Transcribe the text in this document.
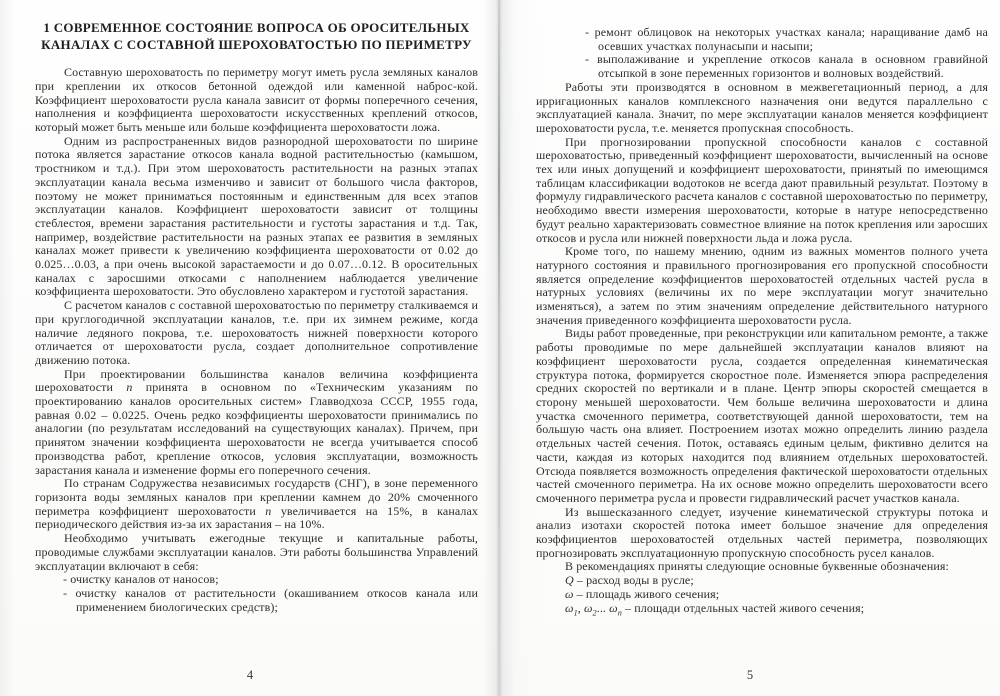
1 СОВРЕМЕННОЕ СОСТОЯНИЕ ВОПРОСА ОБ ОРОСИТЕЛЬНЫХ КАНАЛАХ С СОСТАВНОЙ ШЕРОХОВАТОСТЬЮ ПО ПЕРИМЕТРУ

Составную шероховатость по периметру могут иметь русла земляных каналов при креплении их откосов бетонной одеждой или каменной наброс-кой. Коэффициент шероховатости русла канала зависит от формы поперечного сечения, наполнения и коэффициента шероховатости искусственных креплений откосов, который может быть меньше или больше коэффициента шероховатости ложа.

Одним из распространенных видов разнородной шероховатости по ширине потока является зарастание откосов канала водной растительностью (камышом, тростником и т.д.). При этом шероховатость растительности на разных этапах эксплуатации канала весьма изменчиво и зависит от большого числа факторов, поэтому не может приниматься постоянным и единственным для всех этапов эксплуатации каналов. Коэффициент шероховатости зависит от толщины стеблестоя, времени зарастания растительности и густоты зарастания и т.д. Так, например, воздействие растительности на разных этапах ее развития в земляных каналах может привести к увеличению коэффициента шероховатости от 0.02 до 0.025…0.03, а при очень высокой зарастаемости и до 0.07…0.12. В оросительных каналах с заросшими откосами с наполнением наблюдается увеличение коэффициента шероховатости. Это обусловлено характером и густотой зарастания.

С расчетом каналов с составной шероховатостью по периметру сталкиваемся и при круглогодичной эксплуатации каналов, т.е. при их зимнем режиме, когда наличие ледяного покрова, т.е. шероховатость нижней поверхности которого отличается от шероховатости русла, создает дополнительное сопротивление движению потока.

При проектировании большинства каналов величина коэффициента шероховатости n принята в основном по «Техническим указаниям по проектированию каналов оросительных систем» Главводхоза СССР, 1955 года, равная 0.02 – 0.0225. Очень редко коэффициенты шероховатости принимались по аналогии (по результатам исследований на существующих каналах). Причем, при принятом значении коэффициента шероховатости не всегда учитывается способ производства работ, крепление откосов, условия эксплуатации, возможность зарастания канала и изменение формы его поперечного сечения.

По странам Содружества независимых государств (СНГ), в зоне переменного горизонта воды земляных каналов при креплении камнем до 20% смоченного периметра коэффициент шероховатости n увеличивается на 15%, в каналах периодического действия из-за их зарастания – на 10%.

Необходимо учитывать ежегодные текущие и капитальные работы, проводимые службами эксплуатации каналов. Эти работы большинства Управлений эксплуатации включают в себя:

- очистку каналов от наносов;
- очистку каналов от растительности (окашиванием откосов канала или применением биологических средств);
4
- ремонт облицовок на некоторых участках канала; наращивание дамб на осевших участках полунасыпи и насыпи;
- выполаживание и укрепление откосов канала в основном гравийной отсыпкой в зоне переменных горизонтов и волновых воздействий.

Работы эти производятся в основном в межвегетационный период, а для ирригационных каналов комплексного назначения они ведутся параллельно с эксплуатацией канала. Значит, по мере эксплуатации каналов меняется коэффициент шероховатости русла, т.е. меняется пропускная способность.

При прогнозировании пропускной способности каналов с составной шероховатостью, приведенный коэффициент шероховатости, вычисленный на основе тех или иных допущений и коэффициент шероховатости, принятый по имеющимся таблицам классификации водотоков не всегда дают правильный результат. Поэтому в формулу гидравлического расчета каналов с составной шероховатостью по периметру, необходимо ввести измерения шероховатости, которые в натуре непосредственно будут реально характеризовать совместное влияние на поток крепления или заросших откосов и русла или нижней поверхности льда и ложа русла.

Кроме того, по нашему мнению, одним из важных моментов полного учета натурного состояния и правильного прогнозирования его пропускной способности является определение коэффициентов шероховатостей отдельных частей русла в натурных условиях (величины их по мере эксплуатации могут значительно изменяться), а затем по этим значениям определение действительного натурного значения приведенного коэффициента шероховатости русла.

Виды работ проведенные, при реконструкции или капитальном ремонте, а также работы проводимые по мере дальнейшей эксплуатации каналов влияют на коэффициент шероховатости русла, создается определенная кинематическая структура потока, формируется скоростное поле. Изменяется эпюра распределения средних скоростей по вертикали и в плане. Центр эпюры скоростей смещается в сторону меньшей шероховатости. Чем больше величина шероховатости и длина участка смоченного периметра, соответствующей данной шероховатости, тем на большую часть она влияет. Построением изотах можно определить линию раздела отдельных частей сечения. Поток, оставаясь единым целым, фиктивно делится на части, каждая из которых находится под влиянием отдельных шероховатостей. Отсюда появляется возможность определения фактической шероховатости отдельных частей смоченного периметра. На их основе можно определить шероховатости всего смоченного периметра русла и провести гидравлический расчет участков канала.

Из вышесказанного следует, изучение кинематической структуры потока и анализ изотахи скоростей потока имеет большое значение для определения коэффициентов шероховатостей отдельных частей периметра, позволяющих прогнозировать эксплуатационную пропускную способность русел каналов.

В рекомендациях приняты следующие основные буквенные обозначения:

Q – расход воды в русле;
ω – площадь живого сечения;
$\omega_1$, $\omega_2$... $\omega_n$ – площади отдельных частей живого сечения;
5
